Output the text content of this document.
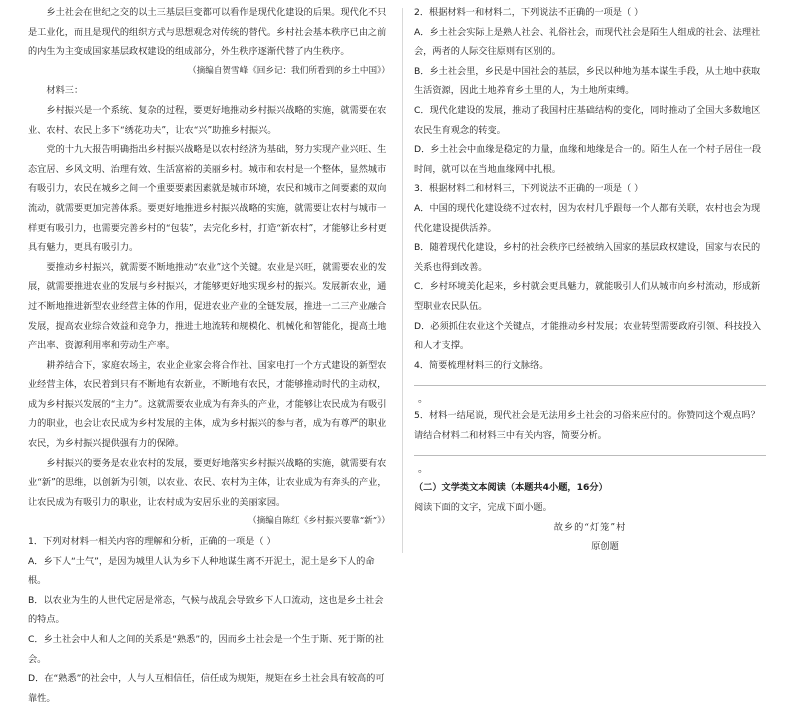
乡土社会在世纪之交的以土三基层巨变都可以看作是现代化建设的后果。现代化不只是工业化，而且是现代的组织方式与思想观念对传统的替代。乡村社会基本秩序已由之前的内生为主变成国家基层政权建设的组成部分，外生秩序逐渐代替了内生秩序。

（摘编自贺雪峰《回乡记：我们所看到的乡土中国》）

材料三：

乡村振兴是一个系统、复杂的过程，要更好地推动乡村振兴战略的实施，就需要在农业、农村、农民上多下“绣花功夫”，让农“兴”助推乡村振兴。

党的十九大报告明确指出乡村振兴战略是以农村经济为基础，努力实现产业兴旺、生态宜居、乡风文明、治理有效、生活富裕的美丽乡村。城市和农村是一个整体，显然城市有吸引力，农民在城乡之间一个重要要素因素就是城市环境，农民和城市之间要素的双向流动，就需要更加完善体系。要更好地推进乡村振兴战略的实施，就需要让农村与城市一样更有吸引力，也需要完善乡村的“包装”，去完化乡村，打造“新农村”，才能够让乡村更具有魅力，更具有吸引力。

要推动乡村振兴，就需要不断地推动“农业”这个关键。农业是兴旺，就需要农业的发展，就需要推进农业的发展与乡村振兴，才能够更好地实现乡村的振兴。发展新农业，通过不断地推进新型农业经营主体的作用，促进农业产业的全链发展，推进一二三产业融合发展，提高农业综合效益和竞争力，推进土地流转和规模化、机械化和智能化，提高土地产出率、资源利用率和劳动生产率。

耕养结合下，家庭农场主，农业企业家会将合作社、国家电打一个方式建设的新型农业经营主体，农民着到只有不断地有农新业，不断地有农民，才能够推动时代的主动权，成为乡村振兴发展的“主力”。这就需要农业成为有奔头的产业，才能够让农民成为有吸引力的职业，也会让农民成为乡村发展的主体，成为乡村振兴的参与者，成为有尊严的职业农民，为乡村振兴提供强有力的保障。

乡村振兴的要务是农业农村的发展，要更好地落实乡村振兴战略的实施，就需要有农业“新”的思维，以创新为引领，以农业、农民、农村为主体，让农业成为有奔头的产业，让农民成为有吸引力的职业，让农村成为安居乐业的美丽家园。

（摘编自陈红《乡村振兴要靠“新”》）

1．下列对材料一相关内容的理解和分析，正确的一项是（ ）

A．乡下人“土气”，是因为城里人认为乡下人种地谋生离不开泥土，泥土是乡下人的命根。

B．以农业为生的人世代定居是常态，气候与战乱会导致乡下人口流动，这也是乡土社会的特点。

C．乡土社会中人和人之间的关系是“熟悉”的，因而乡土社会是一个生于斯、死于斯的社会。

D．在“熟悉”的社会中，人与人互相信任，信任成为规矩，规矩在乡土社会具有较高的可靠性。

2．根据材料一和材料二，下列说法不正确的一项是（ ）

A．乡土社会实际上是熟人社会、礼俗社会，而现代社会是陌生人组成的社会、法理社会，两者的人际交往原则有区别的。

B．乡土社会里，乡民是中国社会的基层，乡民以种地为基本谋生手段，从土地中获取生活资源，因此土地养育乡土里的人，为土地所束缚。

C．现代化建设的发展，推动了我国村庄基础结构的变化，同时推动了全国大多数地区农民生育观念的转变。

D．乡土社会中血缘是稳定的力量，血缘和地缘是合一的。陌生人在一个村子居住一段时间，就可以在当地血缘网中扎根。

3．根据材料二和材料三，下列说法不正确的一项是（ ）

A．中国的现代化建设绕不过农村，因为农村几乎跟每一个人都有关联，农村也会为现代化建设提供活养。

B．随着现代化建设，乡村的社会秩序已经被纳入国家的基层政权建设，国家与农民的关系也得到改善。

C．乡村环境美化起来，乡村就会更具魅力，就能吸引人们从城市向乡村流动，形成新型职业农民队伍。

D．必须抓住农业这个关键点，才能推动乡村发展；农业转型需要政府引领、科技投入和人才支撑。

4．简要梳理材料三的行文脉络。

。

5．材料一结尾说，现代社会是无法用乡土社会的习俗来应付的。你赞同这个观点吗？请结合材料二和材料三中有关内容，简要分析。

。

（二）文学类文本阅读（本题共4小题，16分）

阅读下面的文字，完成下面小题。

故乡的“灯笼”村

原创题
